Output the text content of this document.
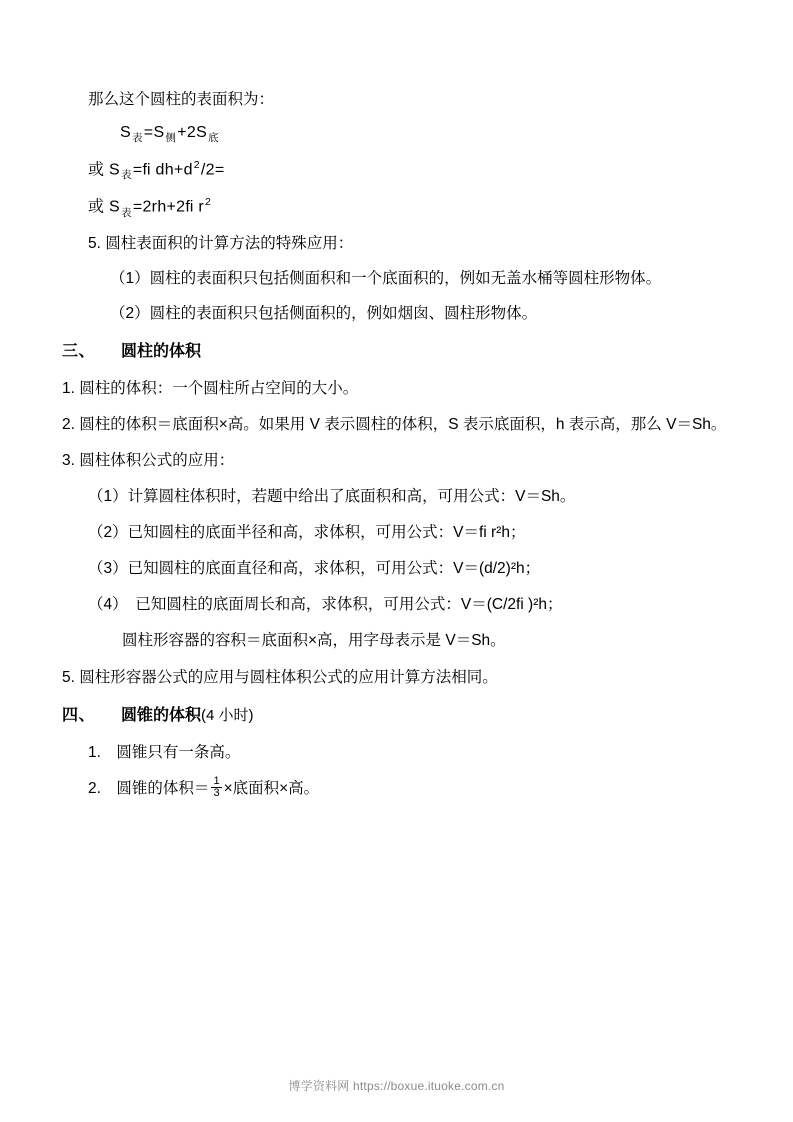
那么这个圆柱的表面积为：

$S_表=S_侧+2S_底$

或 $S_表=ﬁ$ $dh+d^2/2=$

或 $S_表=2rh+2ﬁ$ $r^2$

5. 圆柱表面积的计算方法的特殊应用：

（1）圆柱的表面积只包括侧面积和一个底面积的，例如无盖水桶等圆柱形物体。

（2）圆柱的表面积只包括侧面积的，例如烟囱、圆柱形物体。

三、 圆柱的体积

1. 圆柱的体积：一个圆柱所占空间的大小。

2. 圆柱的体积＝底面积×高。如果用 V 表示圆柱的体积，S 表示底面积，h 表示高，那么 V＝Sh。

3. 圆柱体积公式的应用：

（1）计算圆柱体积时，若题中给出了底面积和高，可用公式：V＝Sh。

（2）已知圆柱的底面半径和高，求体积，可用公式：V＝ﬁ r²h；

（3）已知圆柱的底面直径和高，求体积，可用公式：V＝(d/2)²h；

（4）　已知圆柱的底面周长和高，求体积，可用公式：V＝(C/2ﬁ )²h；

圆柱形容器的容积＝底面积×高，用字母表示是 V＝Sh。

5. 圆柱形容器公式的应用与圆柱体积公式的应用计算方法相同。

四、 圆锥的体积(4 小时)

1.　圆锥只有一条高。

2.　圆锥的体积＝ $\frac{1}{3}$ ×底面积×高。

博学资料网 https://boxue.ituoke.com.cn
